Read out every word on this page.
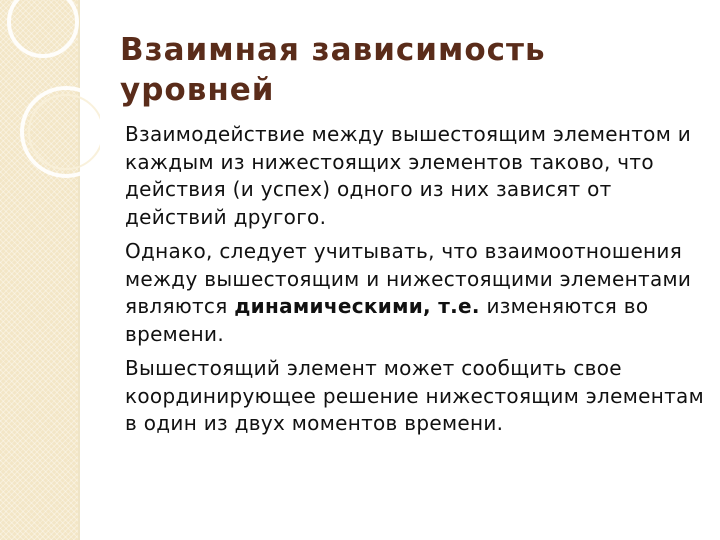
Взаимная зависимость
уровней

Взаимодействие между вышестоящим элементом и каждым из нижестоящих элементов таково, что действия (и успех) одного из них зависят от действий другого.

Однако, следует учитывать, что взаимоотношения между вышестоящим и нижестоящими элементами являются динамическими, т.е. изменяются во времени.

Вышестоящий элемент может сообщить свое координирующее решение нижестоящим элементам в один из двух моментов времени.
